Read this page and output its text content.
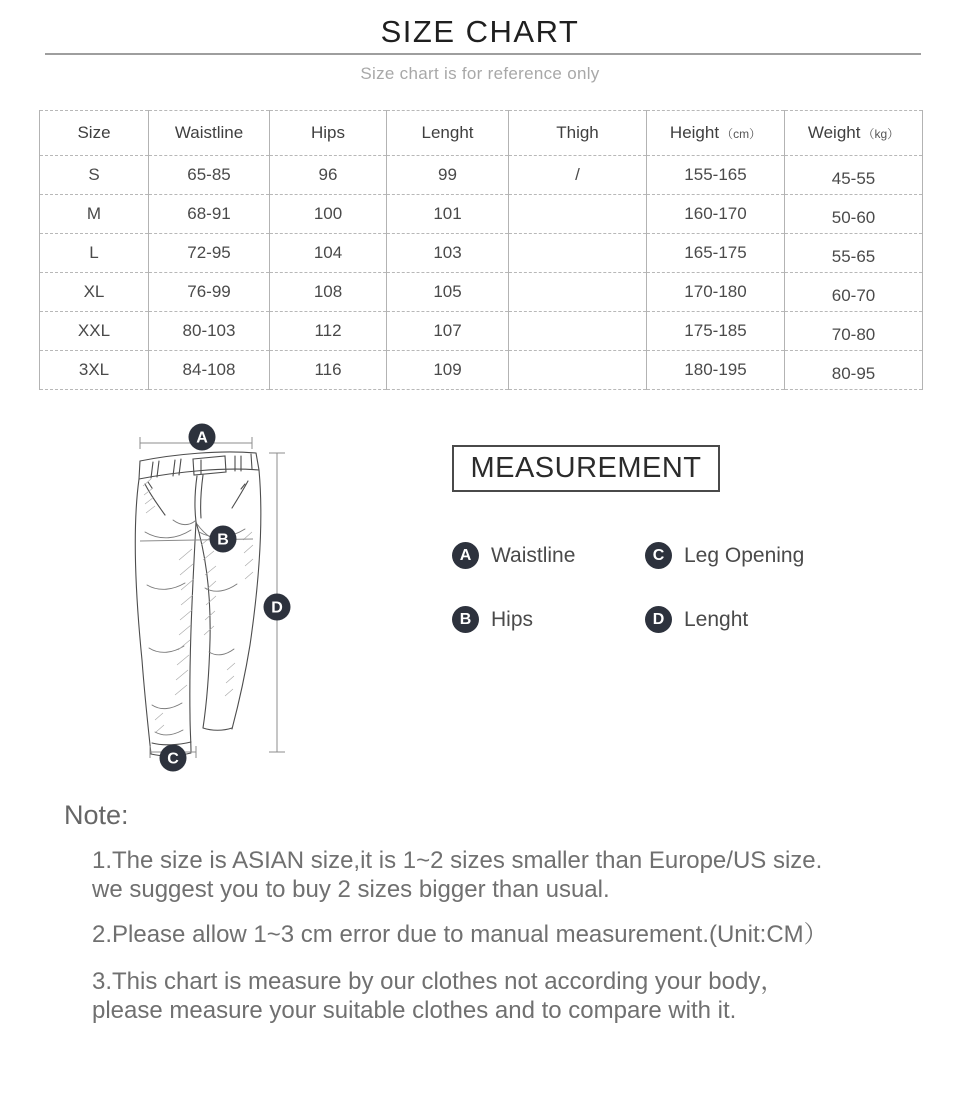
SIZE CHART
Size chart is for reference only
Size	Waistline	Hips	Lenght	Thigh	Height （cm）	Weight （kg）
S	65-85	96	99	/	155-165	45-55
M	68-91	100	101		160-170	50-60
L	72-95	104	103		165-175	55-65
XL	76-99	108	105		170-180	60-70
XXL	80-103	112	107		175-185	70-80
3XL	84-108	116	109		180-195	80-95
A
B
C
D
MEASUREMENT
A Waistline	C Leg Opening
B Hips	D Lenght
Note:
1.The size is ASIAN size,it is 1~2 sizes smaller than Europe/US size.
we suggest you to buy 2 sizes bigger than usual.
2.Please allow 1~3 cm error due to manual measurement.(Unit:CM）
3.This chart is measure by our clothes not according your body，
please measure your suitable clothes and to compare with it.
